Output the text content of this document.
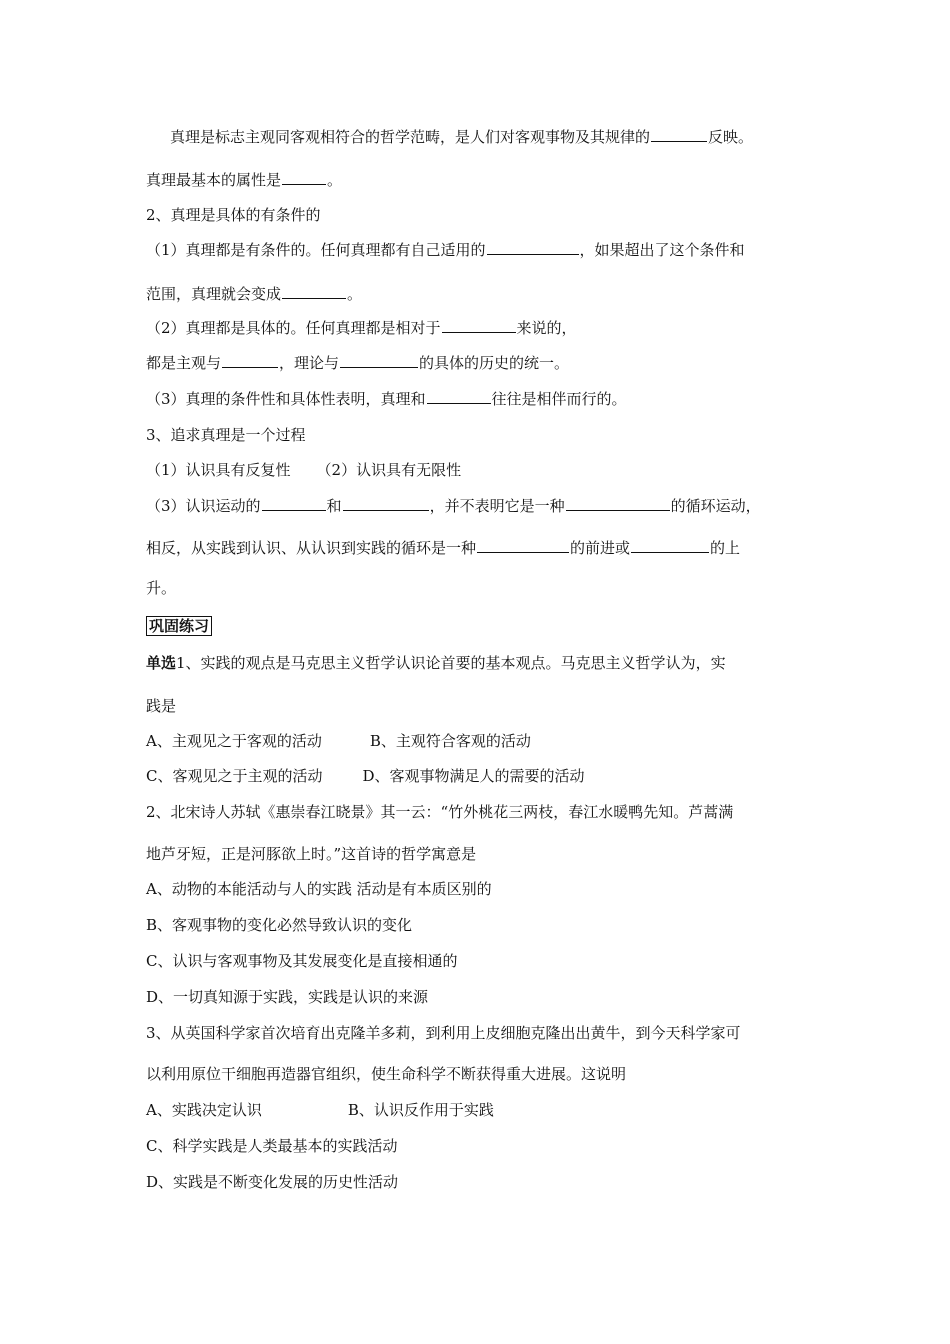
真理是标志主观同客观相符合的哲学范畴，是人们对客观事物及其规律的	反映。
真理最基本的属性是	。
2、真理是具体的有条件的
（1）真理都是有条件的。任何真理都有自己适用的	，如果超出了这个条件和
范围，真理就会变成	。
（2）真理都是具体的。任何真理都是相对于	来说的，
都是主观与	，理论与	的具体的历史的统一。
（3）真理的条件性和具体性表明，真理和	往往是相伴而行的。
3、追求真理是一个过程
（1）认识具有反复性 （2）认识具有无限性
（3）认识运动的	和	，并不表明它是一种	的循环运动，
相反，从实践到认识、从认识到实践的循环是一种	的前进或	的上
升。
巩固练习
单选1、实践的观点是马克思主义哲学认识论首要的基本观点。马克思主义哲学认为，实
践是
A、主观见之于客观的活动	B、主观符合客观的活动
C、客观见之于主观的活动	D、客观事物满足人的需要的活动
2、北宋诗人苏轼《惠崇春江晓景》其一云：“竹外桃花三两枝，春江水暖鸭先知。芦蒿满
地芦牙短，正是河豚欲上时。”这首诗的哲学寓意是
A、动物的本能活动与人的实践 活动是有本质区别的
B、客观事物的变化必然导致认识的变化
C、认识与客观事物及其发展变化是直接相通的
D、一切真知源于实践，实践是认识的来源
3、从英国科学家首次培育出克隆羊多莉，到利用上皮细胞克隆出出黄牛，到今天科学家可
以利用原位干细胞再造器官组织，使生命科学不断获得重大进展。这说明
A、实践决定认识	B、认识反作用于实践
C、科学实践是人类最基本的实践活动
D、实践是不断变化发展的历史性活动
